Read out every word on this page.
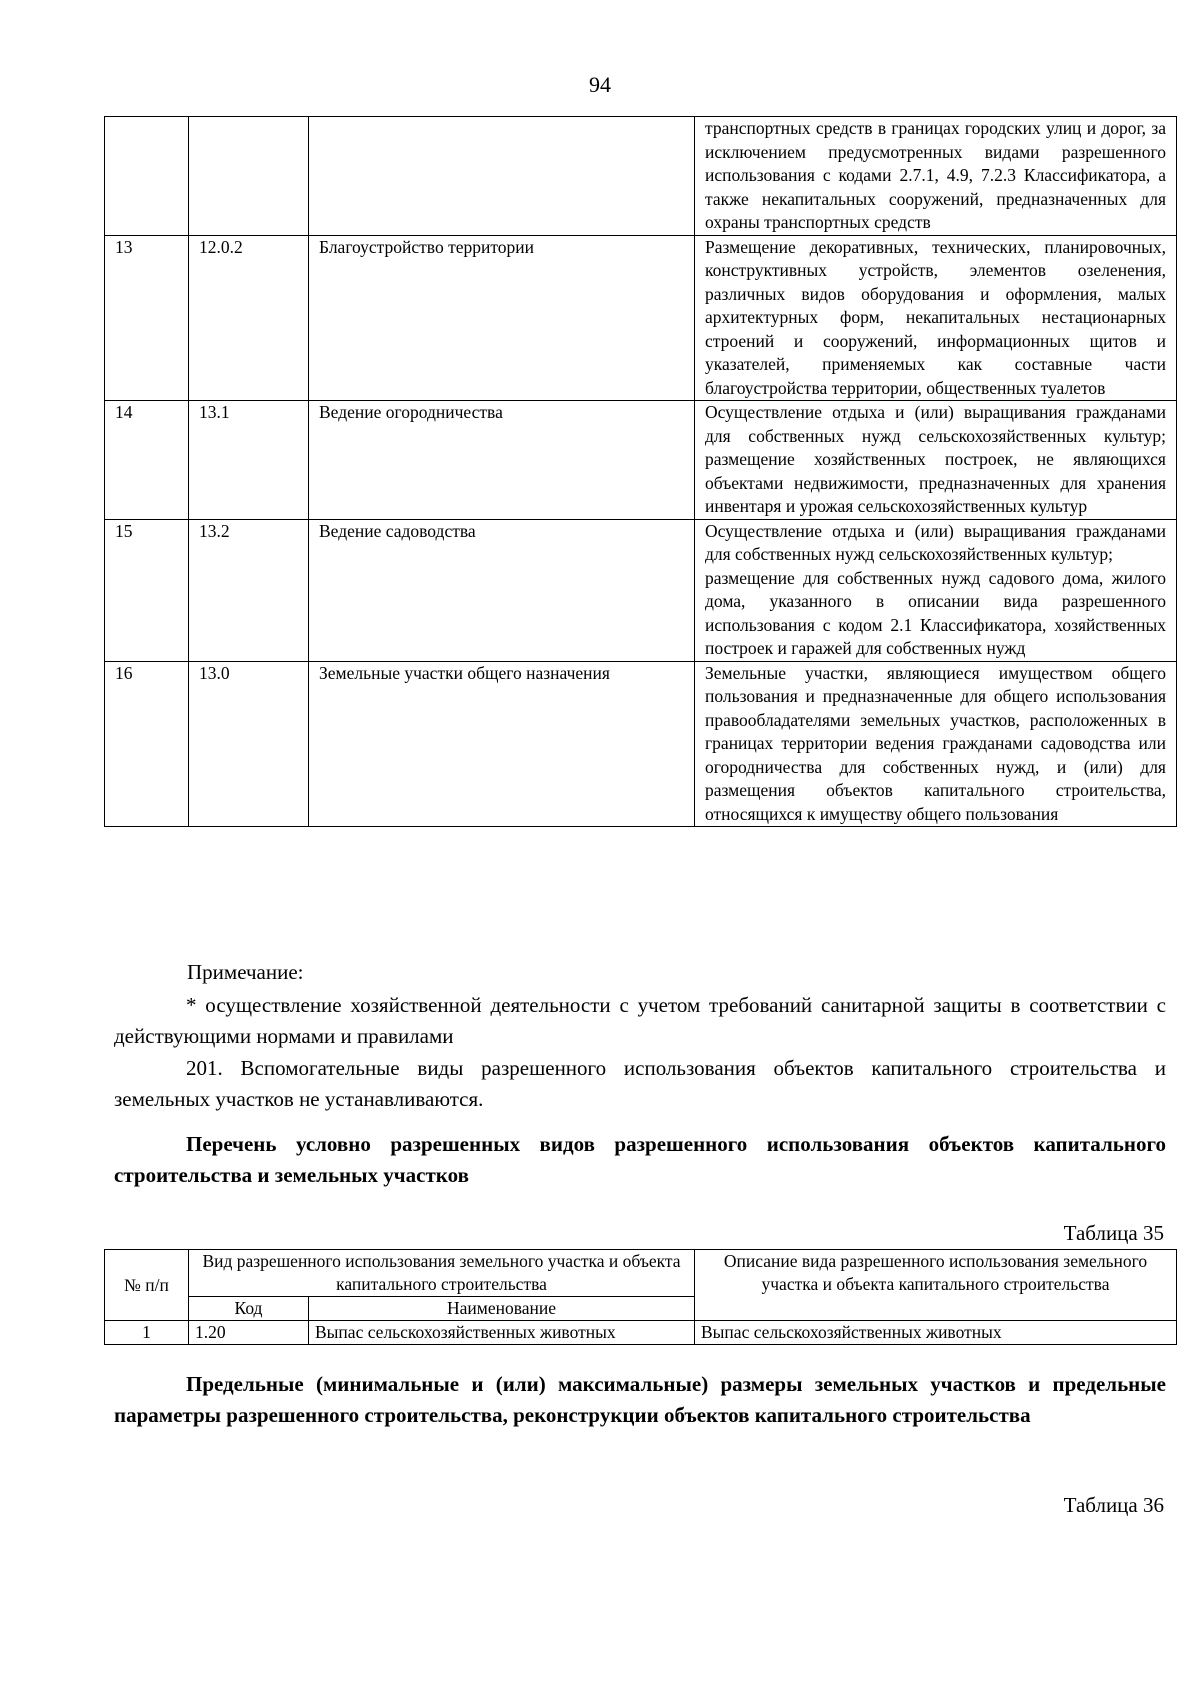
94
			транспортных средств в границах городских улиц и дорог, за исключением предусмотренных видами разрешенного использования с кодами 2.7.1, 4.9, 7.2.3 Классификатора, а также некапитальных сооружений, предназначенных для охраны транспортных средств
13	12.0.2	Благоустройство территории	Размещение декоративных, технических, планировочных, конструктивных устройств, элементов озеленения, различных видов оборудования и оформления, малых архитектурных форм, некапитальных нестационарных строений и сооружений, информационных щитов и указателей, применяемых как составные части благоустройства территории, общественных туалетов
14	13.1	Ведение огородничества	Осуществление отдыха и (или) выращивания гражданами для собственных нужд сельскохозяйственных культур; размещение хозяйственных построек, не являющихся объектами недвижимости, предназначенных для хранения инвентаря и урожая сельскохозяйственных культур
15	13.2	Ведение садоводства	Осуществление отдыха и (или) выращивания гражданами для собственных нужд сельскохозяйственных культур;
размещение для собственных нужд садового дома, жилого дома, указанного в описании вида разрешенного использования с кодом 2.1 Классификатора, хозяйственных построек и гаражей для собственных нужд
16	13.0	Земельные участки общего назначения	Земельные участки, являющиеся имуществом общего пользования и предназначенные для общего использования правообладателями земельных участков, расположенных в границах территории ведения гражданами садоводства или огородничества для собственных нужд, и (или) для размещения объектов капитального строительства, относящихся к имуществу общего пользования
Примечание:
* осуществление хозяйственной деятельности с учетом требований санитарной защиты в соответствии с действующими нормами и правилами
201. Вспомогательные виды разрешенного использования объектов капитального строительства и земельных участков не устанавливаются.
Перечень условно разрешенных видов разрешенного использования объектов капитального строительства и земельных участков
Таблица 35
№ п/п	Вид разрешенного использования земельного участка и объекта капитального строительства		Описание вида разрешенного использования земельного участка и объекта капитального строительства
	Код	Наименование	
1	1.20	Выпас сельскохозяйственных животных	Выпас сельскохозяйственных животных
Предельные (минимальные и (или) максимальные) размеры земельных участков и предельные параметры разрешенного строительства, реконструкции объектов капитального строительства
Таблица 36
